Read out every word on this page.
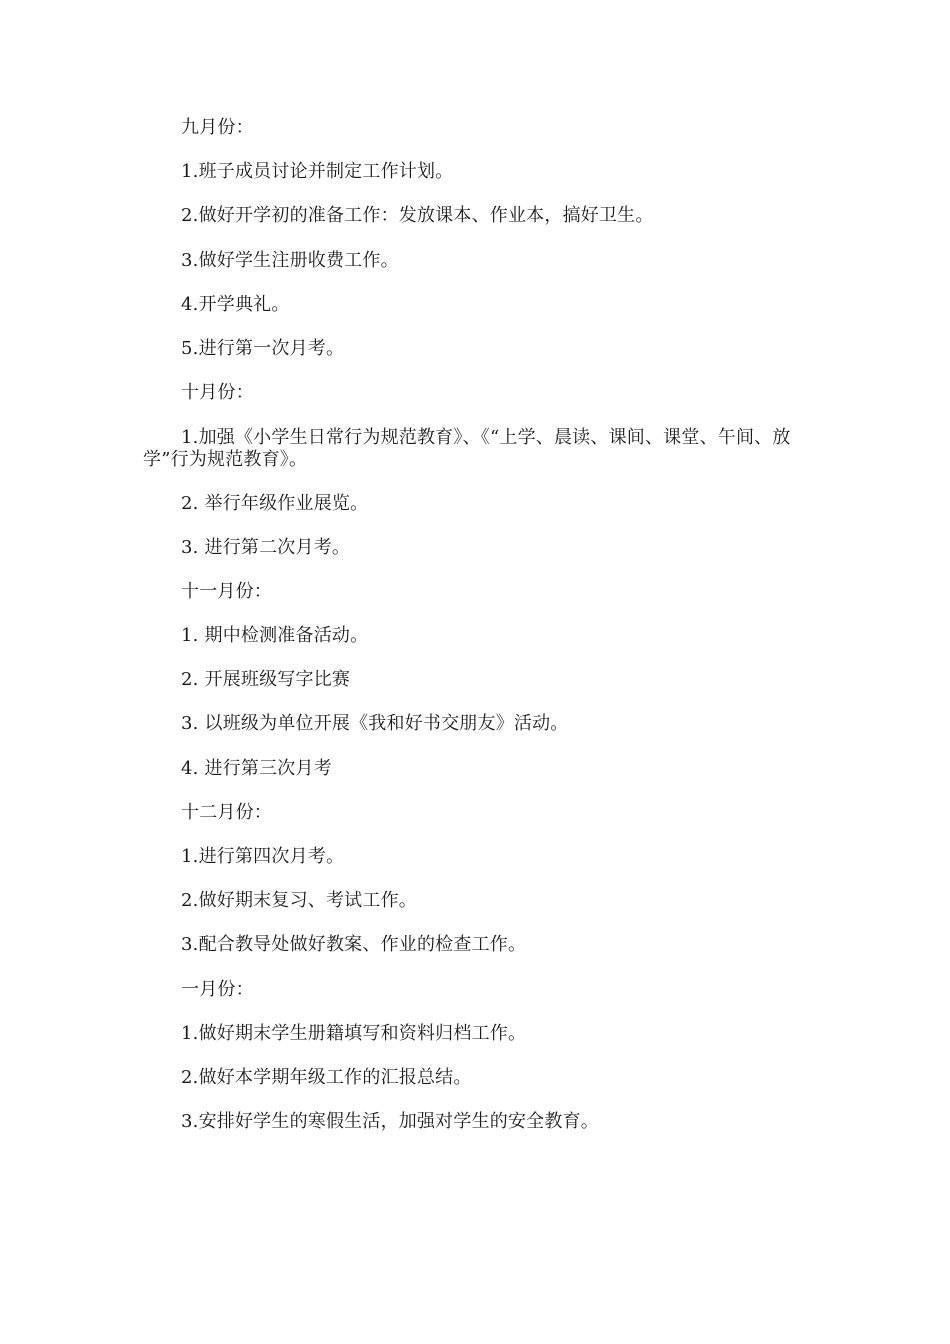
九月份：
1.班子成员讨论并制定工作计划。
2.做好开学初的准备工作：发放课本、作业本，搞好卫生。
3.做好学生注册收费工作。
4.开学典礼。
5.进行第一次月考。
十月份：
1.加强《小学生日常行为规范教育》、《“上学、晨读、课间、课堂、午间、放学”行为规范教育》。
2. 举行年级作业展览。
3. 进行第二次月考。
十一月份：
1. 期中检测准备活动。
2. 开展班级写字比赛
3. 以班级为单位开展《我和好书交朋友》活动。
4. 进行第三次月考
十二月份：
1.进行第四次月考。
2.做好期末复习、考试工作。
3.配合教导处做好教案、作业的检查工作。
一月份：
1.做好期末学生册籍填写和资料归档工作。
2.做好本学期年级工作的汇报总结。
3.安排好学生的寒假生活，加强对学生的安全教育。
